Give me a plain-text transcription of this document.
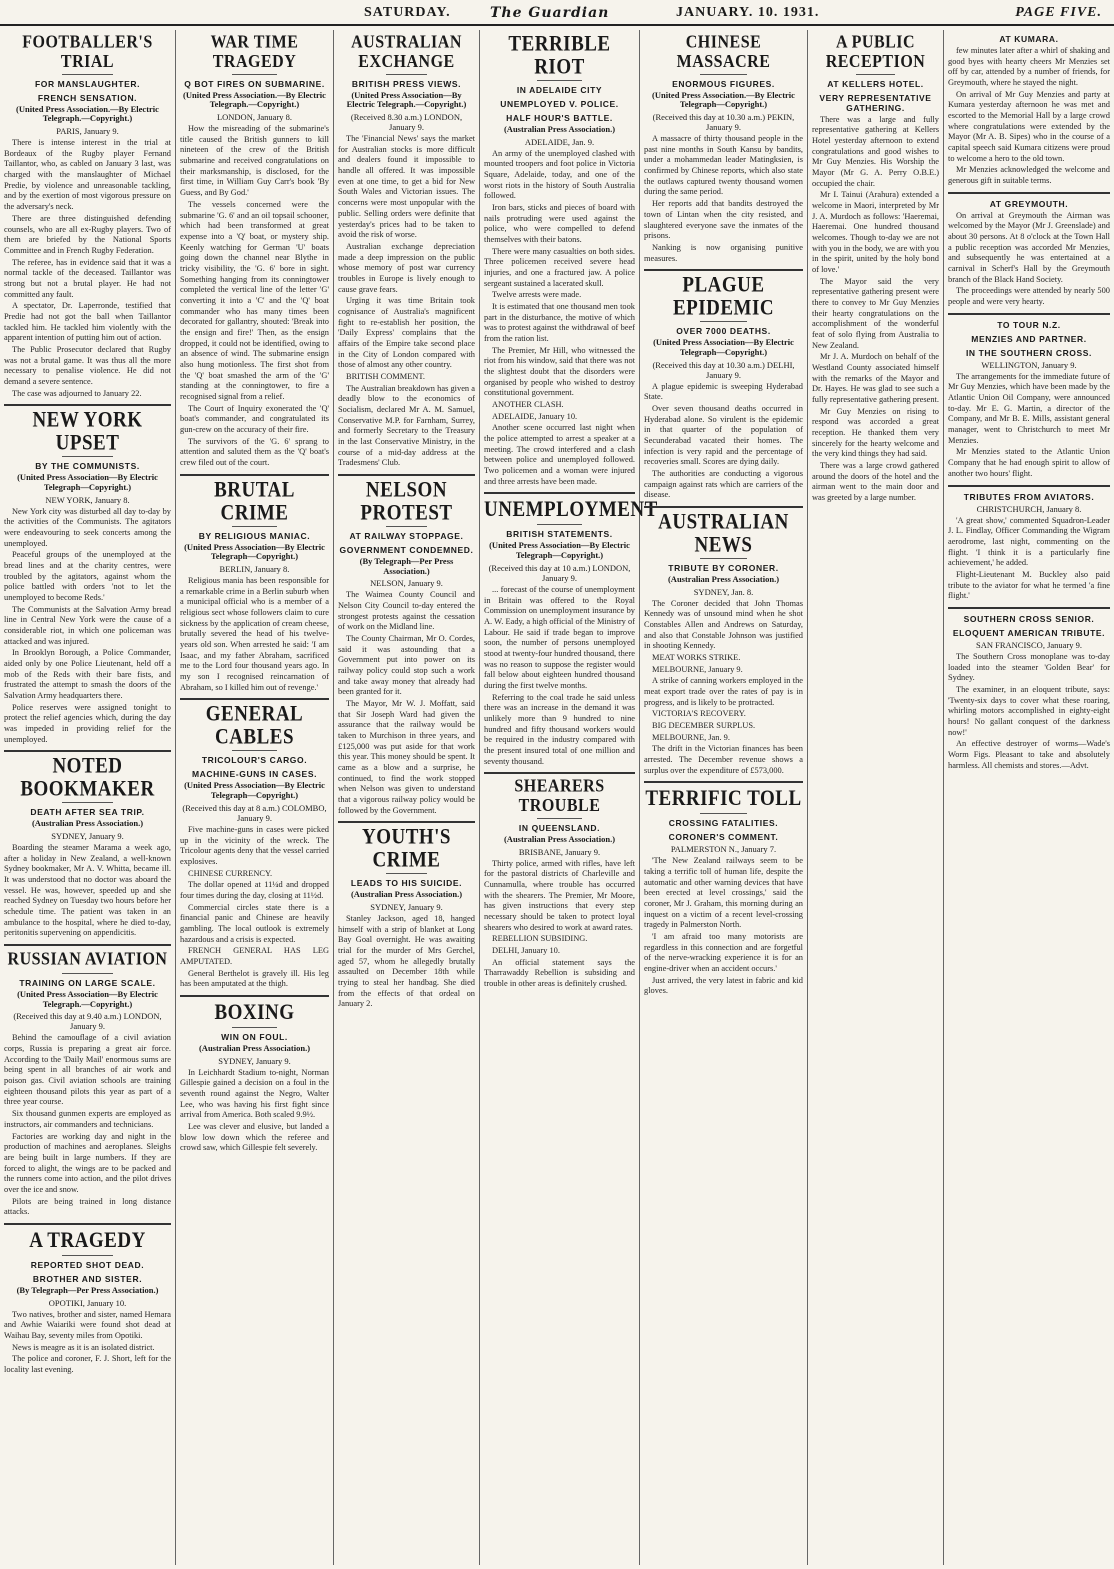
SATURDAY.	The Guardian	JANUARY. 10. 1931.	PAGE FIVE.
FOOTBALLER'S TRIAL
FOR MANSLAUGHTER.
FRENCH SENSATION.
(United Press Association.—By Electric Telegraph.—Copyright.)
PARIS, January 9.

There is intense interest in the trial at Bordeaux of the Rugby player Fernand Taillantor, who, as cabled on January 3 last, was charged with the manslaughter of Michael Predie, by violence and unreasonable tackling, and by the exertion of most vigorous pressure on the adversary's neck.

There are three distinguished defending counsels, who are all ex-Rugby players. Two of them are briefed by the National Sports Committee and in French Rugby Federation.

The referee, has in evidence said that it was a normal tackle of the deceased. Taillantor was strong but not a brutal player. He had not committed any fault.

A spectator, Dr. Laperronde, testified that Predie had not got the ball when Taillantor tackled him. He tackled him violently with the apparent intention of putting him out of action.

The Public Prosecutor declared that Rugby was not a brutal game. It was thus all the more necessary to penalise violence. He did not demand a severe sentence.

The case was adjourned to January 22.

NEW YORK UPSET
BY THE COMMUNISTS.
(United Press Association—By Electric Telegraph—Copyright.)
NEW YORK, January 8.

New York city was disturbed all day to-day by the activities of the Communists. The agitators were endeavouring to seek concerts among the unemployed.

Peaceful groups of the unemployed at the bread lines and at the charity centres, were troubled by the agitators, against whom the police battled with orders 'not to let the unemployed to become Reds.'

The Communists at the Salvation Army bread line in Central New York were the cause of a considerable riot, in which one policeman was attacked and was injured.

In Brooklyn Borough, a Police Commander, aided only by one Police Lieutenant, held off a mob of the Reds with their bare fists, and frustrated the attempt to smash the doors of the Salvation Army headquarters there.

Police reserves were assigned tonight to protect the relief agencies which, during the day was impeded in providing relief for the unemployed.

NOTED BOOKMAKER
DEATH AFTER SEA TRIP.
(Australian Press Association.)
SYDNEY, January 9.

Boarding the steamer Marama a week ago, after a holiday in New Zealand, a well-known Sydney bookmaker, Mr A. V. Whitta, became ill. It was understood that no doctor was aboard the vessel. He was, however, speeded up and she reached Sydney on Tuesday two hours before her schedule time. The patient was taken in an ambulance to the hospital, where he died to-day, peritonitis supervening on appendicitis.

RUSSIAN AVIATION
TRAINING ON LARGE SCALE.
(United Press Association—By Electric Telegraph.—Copyright.)
(Received this day at 9.40 a.m.) LONDON, January 9.

Behind the camouflage of a civil aviation corps, Russia is preparing a great air force. According to the 'Daily Mail' enormous sums are being spent in all branches of air work and poison gas. Civil aviation schools are training eighteen thousand pilots this year as part of a three year course.

Six thousand gunmen experts are employed as instructors, air commanders and technicians.

Factories are working day and night in the production of machines and aeroplanes. Sleighs are being built in large numbers. If they are forced to alight, the wings are to be packed and the runners come into action, and the pilot drives over the ice and snow.

Pilots are being trained in long distance attacks.

A TRAGEDY
REPORTED SHOT DEAD.
BROTHER AND SISTER.
(By Telegraph—Per Press Association.)
OPOTIKI, January 10.

Two natives, brother and sister, named Hemara and Awhie Waiariki were found shot dead at Waihau Bay, seventy miles from Opotiki.

News is meagre as it is an isolated district.

The police and coroner, F. J. Short, left for the locality last evening.

WAR TIME TRAGEDY
Q BOT FIRES ON SUBMARINE.
(United Press Association.—By Electric Telegraph.—Copyright.)
LONDON, January 8.

How the misreading of the submarine's title caused the British gunners to kill nineteen of the crew of the British submarine and received congratulations on their marksmanship, is disclosed, for the first time, in William Guy Carr's book 'By Guess, and By God.'

The vessels concerned were the submarine 'G. 6' and an oil topsail schooner, which had been transformed at great expense into a 'Q' boat, or mystery ship. Keenly watching for German 'U' boats going down the channel near Blythe in tricky visibility, the 'G. 6' bore in sight. Something hanging from its conningtower completed the vertical line of the letter 'G' converting it into a 'C' and the 'Q' boat commander who has many times been decorated for gallantry, shouted: 'Break into the ensign and fire!' Then, as the ensign dropped, it could not be identified, owing to an absence of wind. The submarine ensign also hung motionless. The first shot from the 'Q' boat smashed the arm of the 'G' standing at the conningtower, to fire a recognised signal from a relief.

The Court of Inquiry exonerated the 'Q' boat's commander, and congratulated its gun-crew on the accuracy of their fire.

The survivors of the 'G. 6' sprang to attention and saluted them as the 'Q' boat's crew filed out of the court.

BRUTAL CRIME
BY RELIGIOUS MANIAC.
(United Press Association—By Electric Telegraph—Copyright.)
BERLIN, January 8.

Religious mania has been responsible for a remarkable crime in a Berlin suburb when a municipal official who is a member of a religious sect whose followers claim to cure sickness by the application of cream cheese, brutally severed the head of his twelve-years old son. When arrested he said: 'I am Isaac, and my father Abraham, sacrificed me to the Lord four thousand years ago. In my son I recognised reincarnation of Abraham, so I killed him out of revenge.'

GENERAL CABLES
TRICOLOUR'S CARGO.
MACHINE-GUNS IN CASES.
(United Press Association—By Electric Telegraph—Copyright.)
(Received this day at 8 a.m.) COLOMBO, January 9.

Five machine-guns in cases were picked up in the vicinity of the wreck. The Tricolour agents deny that the vessel carried explosives.

CHINESE CURRENCY.

The dollar opened at 11¼d and dropped four times during the day, closing at 11½d.

Commercial circles state there is a financial panic and Chinese are heavily gambling. The local outlook is extremely hazardous and a crisis is expected.

FRENCH GENERAL HAS LEG AMPUTATED.

General Berthelot is gravely ill. His leg has been amputated at the thigh.

BOXING
WIN ON FOUL.
(Australian Press Association.)
SYDNEY, January 9.

In Leichhardt Stadium to-night, Norman Gillespie gained a decision on a foul in the seventh round against the Negro, Walter Lee, who was having his first fight since arrival from America. Both scaled 9.9½.

Lee was clever and elusive, but landed a blow low down which the referee and crowd saw, which Gillespie felt severely.

AUSTRALIAN EXCHANGE
BRITISH PRESS VIEWS.
(United Press Association—By Electric Telegraph.—Copyright.)
(Received 8.30 a.m.) LONDON, January 9.

The 'Financial News' says the market for Australian stocks is more difficult and dealers found it impossible to handle all offered. It was impossible even at one time, to get a bid for New South Wales and Victorian issues. The concerns were most unpopular with the public. Selling orders were definite that yesterday's prices had to be taken to avoid the risk of worse.

Australian exchange depreciation made a deep impression on the public whose memory of post war currency troubles in Europe is lively enough to cause grave fears.

Urging it was time Britain took cognisance of Australia's magnificent fight to re-establish her position, the 'Daily Express' complains that the affairs of the Empire take second place in the City of London compared with those of almost any other country.

BRITISH COMMENT.

The Australian breakdown has given a deadly blow to the economics of Socialism, declared Mr A. M. Samuel, Conservative M.P. for Farnham, Surrey, and formerly Secretary to the Treasury in the last Conservative Ministry, in the course of a mid-day address at the Tradesmens' Club.

NELSON PROTEST
AT RAILWAY STOPPAGE.
GOVERNMENT CONDEMNED.
(By Telegraph—Per Press Association.)
NELSON, January 9.

The Waimea County Council and Nelson City Council to-day entered the strongest protests against the cessation of work on the Midland line.

The County Chairman, Mr O. Cordes, said it was astounding that a Government put into power on its railway policy could stop such a work and take away money that already had been granted for it.

The Mayor, Mr W. J. Moffatt, said that Sir Joseph Ward had given the assurance that the railway would be taken to Murchison in three years, and £125,000 was put aside for that work this year. This money should be spent. It came as a blow and a surprise, he continued, to find the work stopped when Nelson was given to understand that a vigorous railway policy would be followed by the Government.

YOUTH'S CRIME
LEADS TO HIS SUICIDE.
(Australian Press Association.)
SYDNEY, January 9.

Stanley Jackson, aged 18, hanged himself with a strip of blanket at Long Bay Goal overnight. He was awaiting trial for the murder of Mrs Gerchel, aged 57, whom he allegedly brutally assaulted on December 18th while trying to steal her handbag. She died from the effects of that ordeal on January 2.

TERRIBLE RIOT
IN ADELAIDE CITY
UNEMPLOYED V. POLICE.
HALF HOUR'S BATTLE.
(Australian Press Association.)
ADELAIDE, Jan. 9.

An army of the unemployed clashed with mounted troopers and foot police in Victoria Square, Adelaide, today, and one of the worst riots in the history of South Australia followed.

Iron bars, sticks and pieces of board with nails protruding were used against the police, who were compelled to defend themselves with their batons.

There were many casualties on both sides. Three policemen received severe head injuries, and one a fractured jaw. A police sergeant sustained a lacerated skull.

Twelve arrests were made.

It is estimated that one thousand men took part in the disturbance, the motive of which was to protest against the withdrawal of beef from the ration list.

The Premier, Mr Hill, who witnessed the riot from his window, said that there was not the slightest doubt that the disorders were organised by people who wished to destroy constitutional government.

ANOTHER CLASH.

ADELAIDE, January 10.

Another scene occurred last night when the police attempted to arrest a speaker at a meeting. The crowd interfered and a clash between police and unemployed followed. Two policemen and a woman were injured and three arrests have been made.

UNEMPLOYMENT
BRITISH STATEMENTS.
(United Press Association—By Electric Telegraph—Copyright.)
(Received this day at 10 a.m.) LONDON, January 9.

... forecast of the course of unemployment in Britain was offered to the Royal Commission on unemployment insurance by A. W. Eady, a high official of the Ministry of Labour. He said if trade began to improve soon, the number of persons unemployed stood at twenty-four hundred thousand, there was no reason to suppose the register would fall below about eighteen hundred thousand during the first twelve months.

Referring to the coal trade he said unless there was an increase in the demand it was unlikely more than 9 hundred to nine hundred and fifty thousand workers would be required in the industry compared with the present insured total of one million and seventy thousand.

SHEARERS TROUBLE
IN QUEENSLAND.
(Australian Press Association.)
BRISBANE, January 9.

Thirty police, armed with rifles, have left for the pastoral districts of Charleville and Cunnamulla, where trouble has occurred with the shearers. The Premier, Mr Moore, has given instructions that every step necessary should be taken to protect loyal shearers who desired to work at award rates.

REBELLION SUBSIDING.

DELHI, January 10.

An official statement says the Tharrawaddy Rebellion is subsiding and trouble in other areas is definitely crushed.

CHINESE MASSACRE
ENORMOUS FIGURES.
(United Press Association.—By Electric Telegraph—Copyright.)
(Received this day at 10.30 a.m.) PEKIN, January 9.

A massacre of thirty thousand people in the past nine months in South Kansu by bandits, under a mohammedan leader Matingksien, is confirmed by Chinese reports, which also state the outlaws captured twenty thousand women during the same period.

Her reports add that bandits destroyed the town of Lintan when the city resisted, and slaughtered everyone save the inmates of the prisons.

Nanking is now organising punitive measures.

PLAGUE EPIDEMIC
OVER 7000 DEATHS.
(United Press Association—By Electric Telegraph—Copyright.)
(Received this day at 10.30 a.m.) DELHI, January 9.

A plague epidemic is sweeping Hyderabad State.

Over seven thousand deaths occurred in Hyderabad alone. So virulent is the epidemic in that quarter of the population of Secunderabad vacated their homes. The infection is very rapid and the percentage of recoveries small. Scores are dying daily.

The authorities are conducting a vigorous campaign against rats which are carriers of the disease.

AUSTRALIAN NEWS
TRIBUTE BY CORONER.
(Australian Press Association.)
SYDNEY, Jan. 8.

The Coroner decided that John Thomas Kennedy was of unsound mind when he shot Constables Allen and Andrews on Saturday, and also that Constable Johnson was justified in shooting Kennedy.

MEAT WORKS STRIKE.

MELBOURNE, January 9.

A strike of canning workers employed in the meat export trade over the rates of pay is in progress, and is likely to be protracted.

VICTORIA'S RECOVERY.

BIG DECEMBER SURPLUS.

MELBOURNE, Jan. 9.

The drift in the Victorian finances has been arrested. The December revenue shows a surplus over the expenditure of £573,000.

TERRIFIC TOLL
CROSSING FATALITIES.
CORONER'S COMMENT.
PALMERSTON N., January 7.

'The New Zealand railways seem to be taking a terrific toll of human life, despite the automatic and other warning devices that have been erected at level crossings,' said the coroner, Mr J. Graham, this morning during an inquest on a victim of a recent level-crossing tragedy in Palmerston North.

'I am afraid too many motorists are regardless in this connection and are forgetful of the nerve-wracking experience it is for an engine-driver when an accident occurs.'

Just arrived, the very latest in fabric and kid gloves.

A PUBLIC RECEPTION
AT KELLERS HOTEL.
VERY REPRESENTATIVE GATHERING.

There was a large and fully representative gathering at Kellers Hotel yesterday afternoon to extend congratulations and good wishes to Mr Guy Menzies. His Worship the Mayor (Mr G. A. Perry O.B.E.) occupied the chair.

Mr I. Tainui (Arahura) extended a welcome in Maori, interpreted by Mr J. A. Murdoch as follows: 'Haeremai, Haeremai. One hundred thousand welcomes. Though to-day we are not with you in the body, we are with you in the spirit, united by the holy bond of love.'

The Mayor said the very representative gathering present were there to convey to Mr Guy Menzies their hearty congratulations on the accomplishment of the wonderful feat of solo flying from Australia to New Zealand.

Mr J. A. Murdoch on behalf of the Westland County associated himself with the remarks of the Mayor and Dr. Hayes. He was glad to see such a fully representative gathering present.

Mr Guy Menzies on rising to respond was accorded a great reception. He thanked them very sincerely for the hearty welcome and the very kind things they had said.

There was a large crowd gathered around the doors of the hotel and the airman went to the main door and was greeted by a large number.

AT KUMARA.

few minutes later after a whirl of shaking and good byes with hearty cheers Mr Menzies set off by car, attended by a number of friends, for Greymouth, where he stayed the night.

On arrival of Mr Guy Menzies and party at Kumara yesterday afternoon he was met and escorted to the Memorial Hall by a large crowd where congratulations were extended by the Mayor (Mr A. B. Sipes) who in the course of a capital speech said Kumara citizens were proud to welcome a hero to the old town.

Mr Menzies acknowledged the welcome and generous gift in suitable terms.

AT GREYMOUTH.

On arrival at Greymouth the Airman was welcomed by the Mayor (Mr J. Greenslade) and about 30 persons. At 8 o'clock at the Town Hall a public reception was accorded Mr Menzies, and subsequently he was entertained at a carnival in Scherf's Hall by the Greymouth branch of the Black Hand Society.

The proceedings were attended by nearly 500 people and were very hearty.

TO TOUR N.Z.
MENZIES AND PARTNER.
IN THE SOUTHERN CROSS.
WELLINGTON, January 9.

The arrangements for the immediate future of Mr Guy Menzies, which have been made by the Atlantic Union Oil Company, were announced to-day. Mr E. G. Martin, a director of the Company, and Mr B. E. Mills, assistant general manager, went to Christchurch to meet Mr Menzies.

Mr Menzies stated to the Atlantic Union Company that he had enough spirit to allow of another two hours' flight.

TRIBUTES FROM AVIATORS.
CHRISTCHURCH, January 8.

'A great show,' commented Squadron-Leader J. L. Findlay, Officer Commanding the Wigram aerodrome, last night, commenting on the flight. 'I think it is a particularly fine achievement,' he added.

Flight-Lieutenant M. Buckley also paid tribute to the aviator for what he termed 'a fine flight.'

SOUTHERN CROSS SENIOR.
ELOQUENT AMERICAN TRIBUTE.
SAN FRANCISCO, January 9.

The Southern Cross monoplane was to-day loaded into the steamer 'Golden Bear' for Sydney.

The examiner, in an eloquent tribute, says: 'Twenty-six days to cover what these roaring, whirling motors accomplished in eighty-eight hours! No gallant conquest of the darkness now!'

An effective destroyer of worms—Wade's Worm Figs. Pleasant to take and absolutely harmless. All chemists and stores.—Advt.
